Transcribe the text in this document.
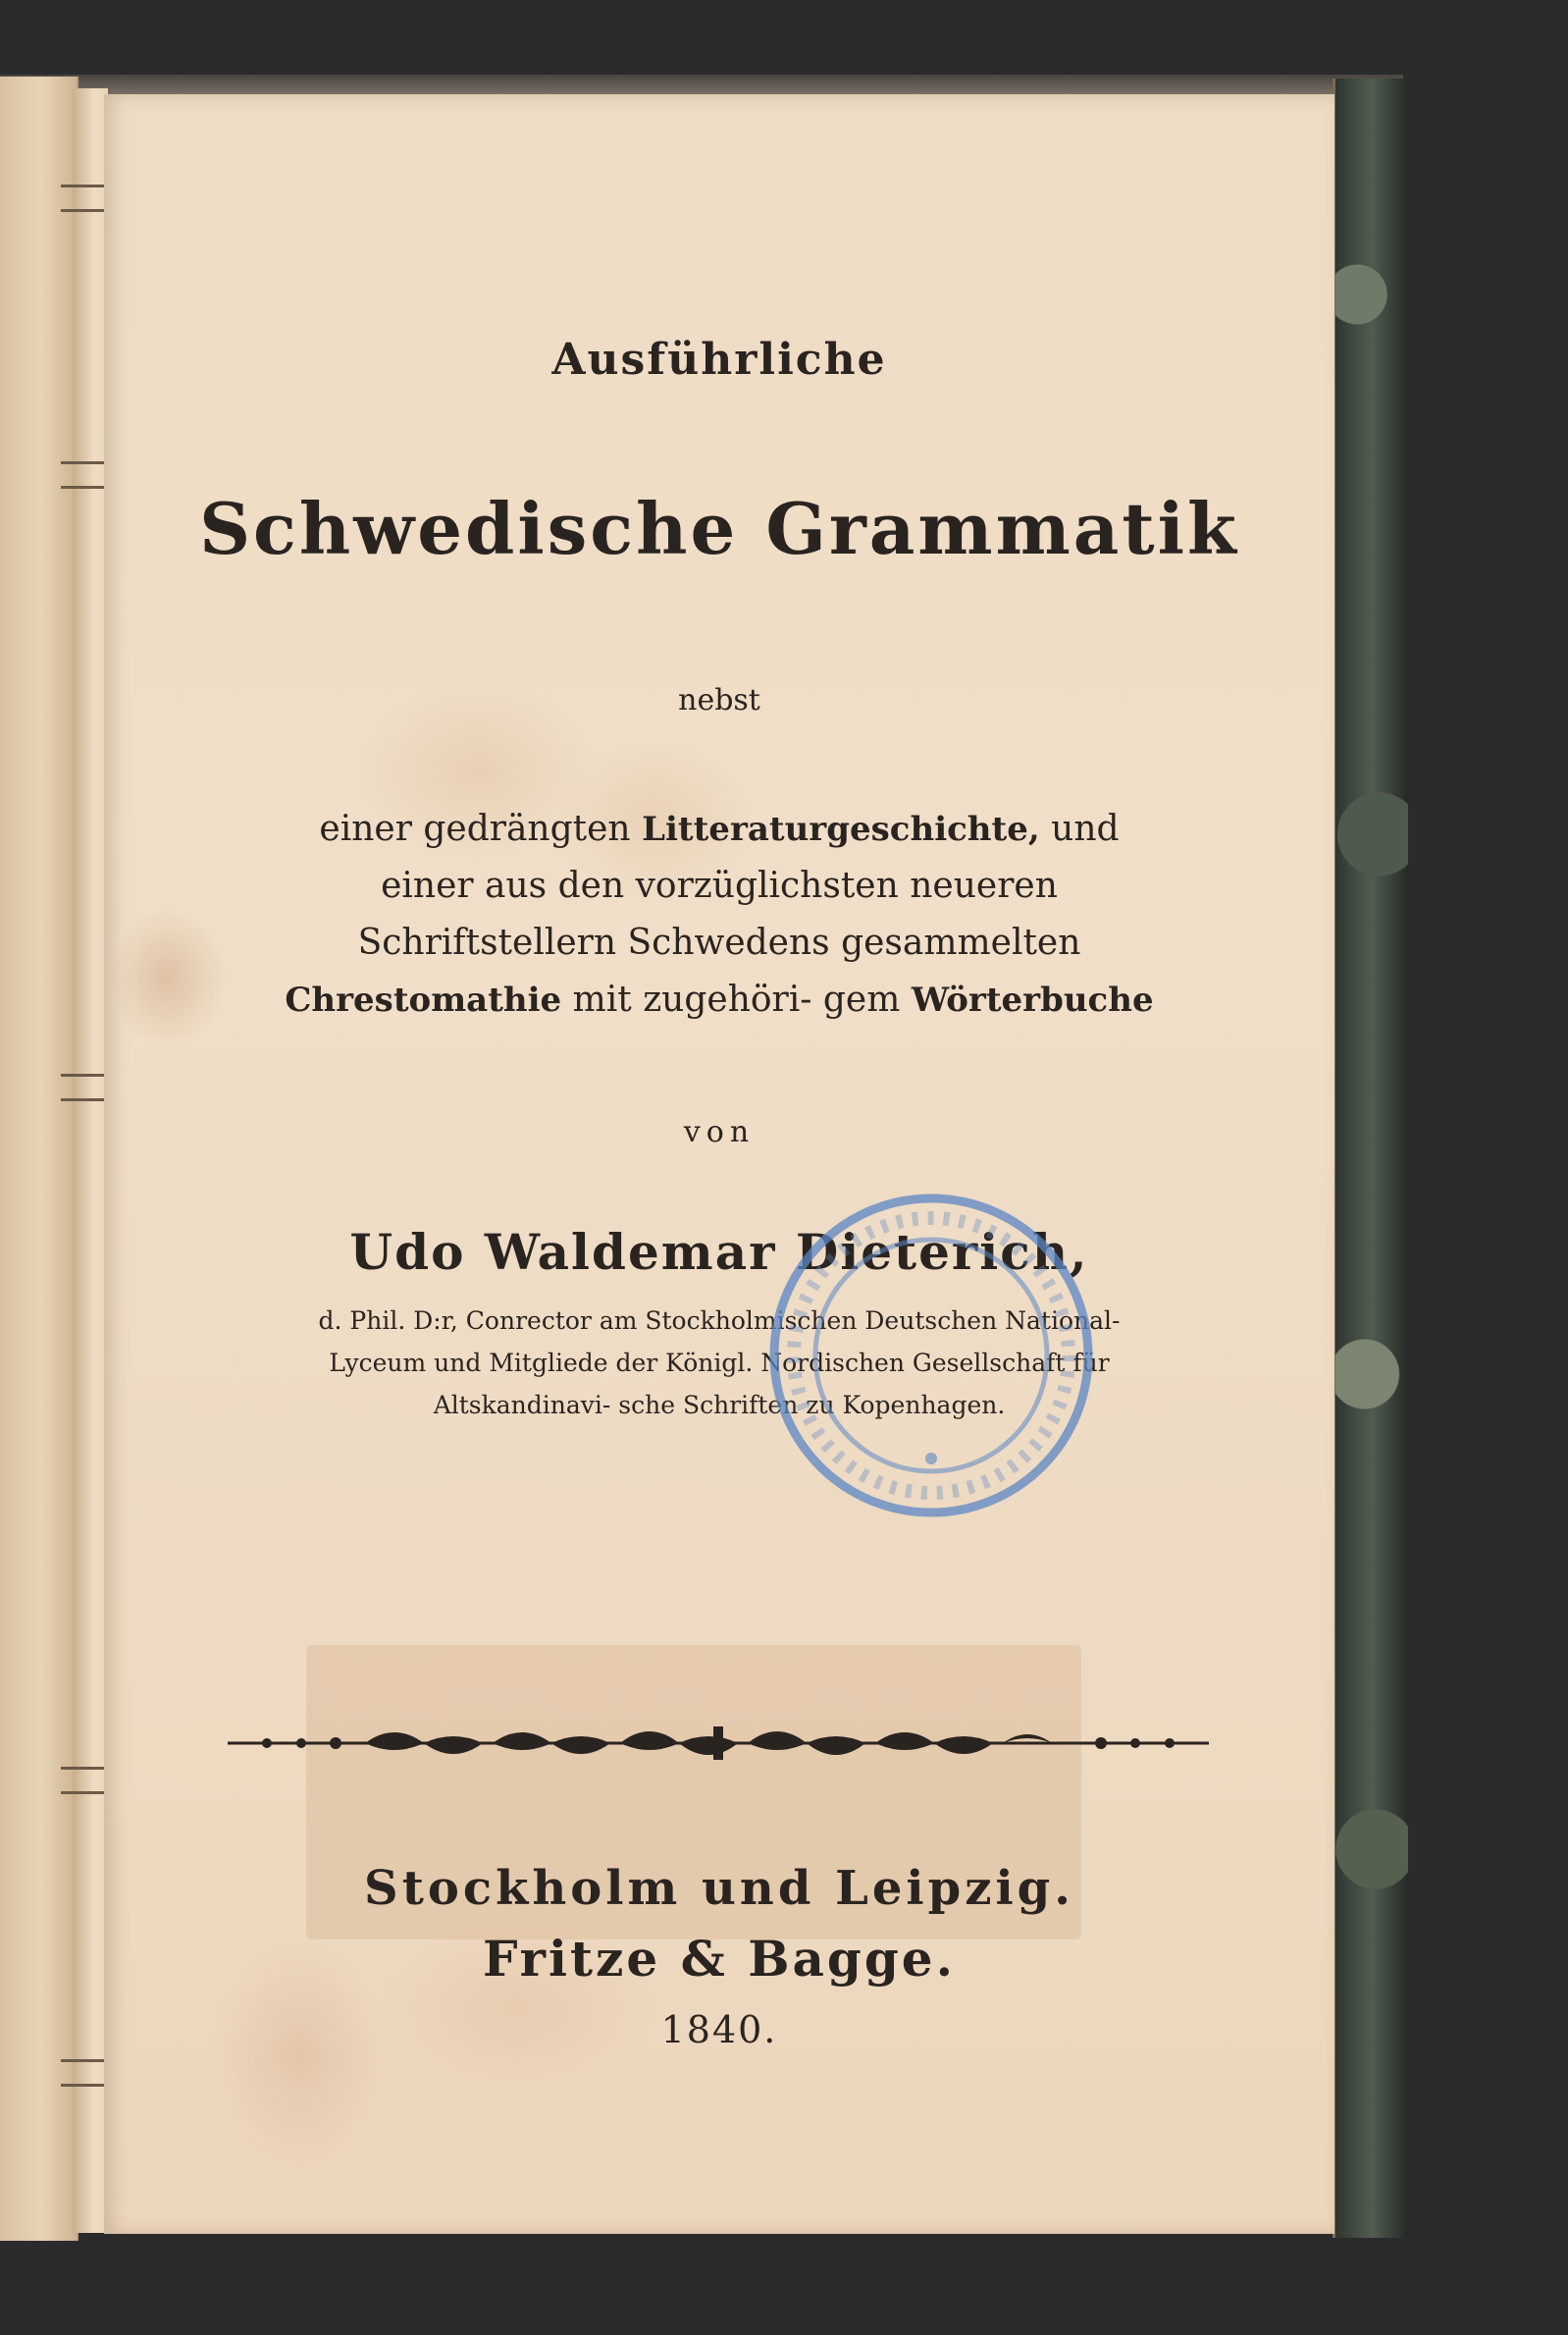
Ausführliche
Schwedische Grammatik
nebst
einer gedrängten Litteraturgeschichte, und einer aus den vorzüglichsten neueren Schriftstellern Schwedens gesammelten Chrestomathie mit zugehöri- gem Wörterbuche
von
Udo Waldemar Dieterich,
d. Phil. D:r, Conrector am Stockholmischen Deutschen National-Lyceum und Mitgliede der Königl. Nordischen Gesellschaft für Altskandinavi- sche Schriften zu Kopenhagen.
Stockholm und Leipzig.
Fritze & Bagge.
1840.
